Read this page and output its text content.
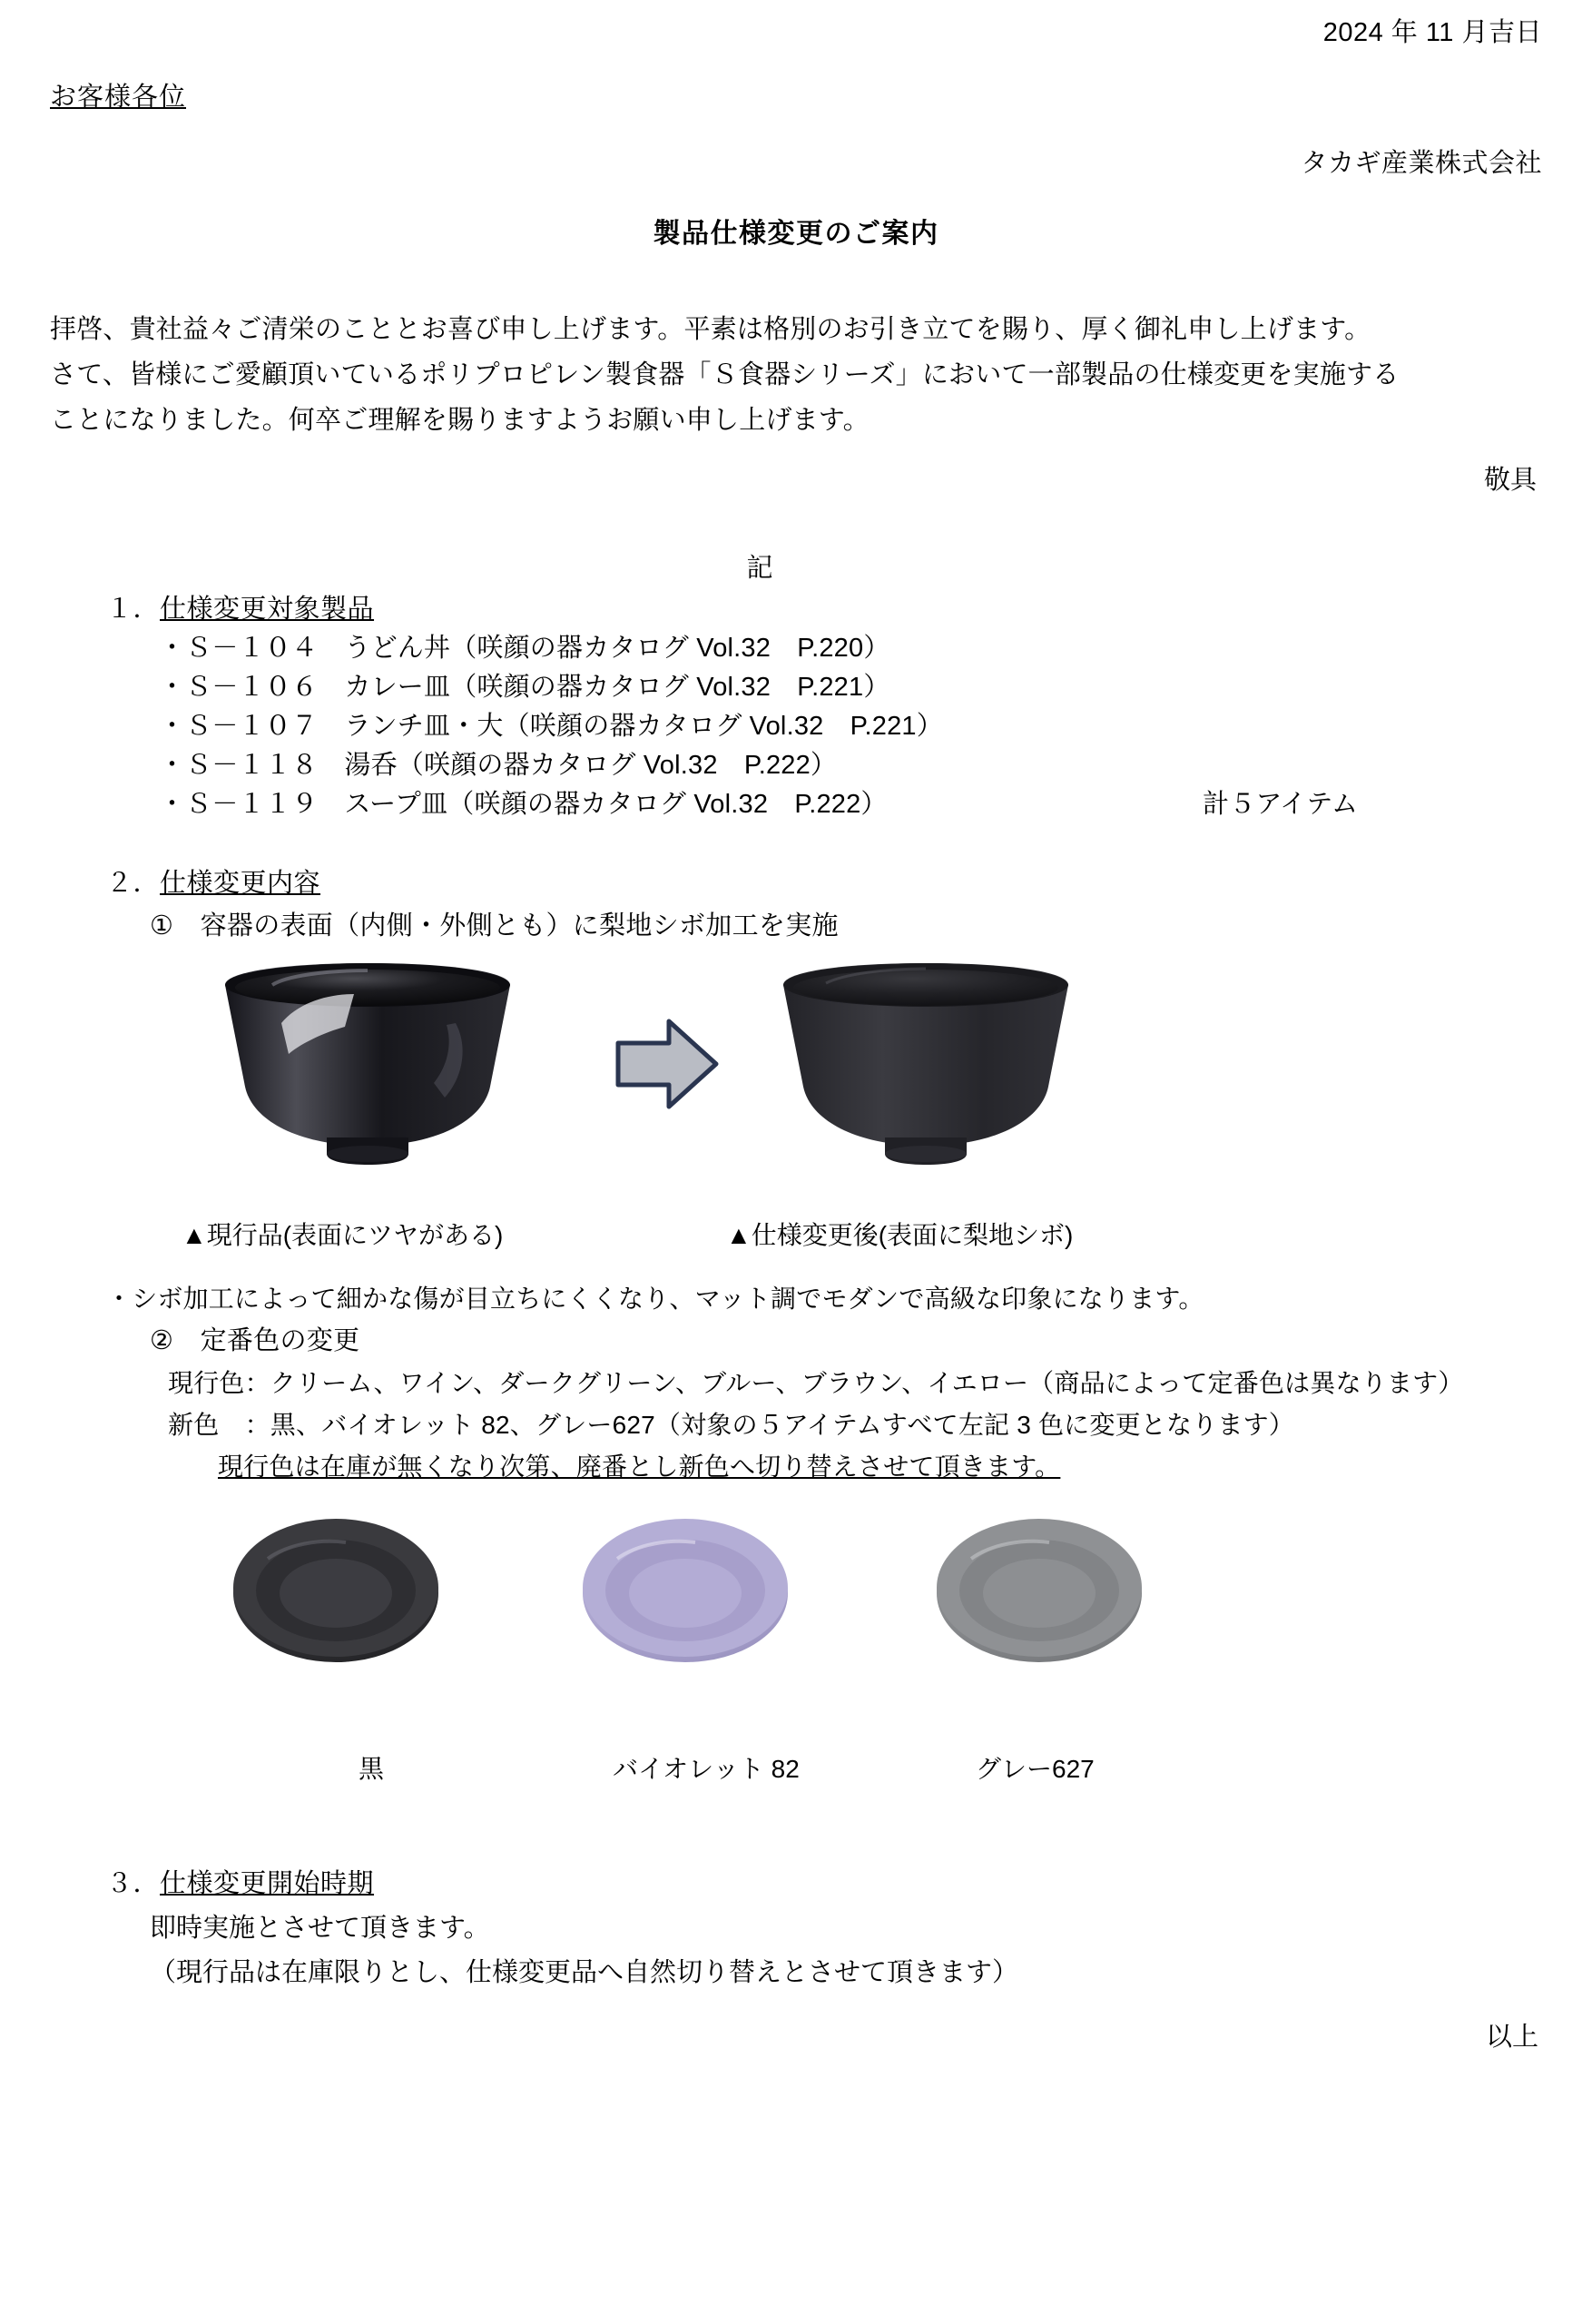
2024 年 11 月吉日
お客様各位
タカギ産業株式会社
製品仕様変更のご案内
拝啓、貴社益々ご清栄のこととお喜び申し上げます。平素は格別のお引き立てを賜り、厚く御礼申し上げます。
さて、皆様にご愛顧頂いているポリプロピレン製食器「Ｓ食器シリーズ」において一部製品の仕様変更を実施する
ことになりました。何卒ご理解を賜りますようお願い申し上げます。
敬具
記
１．仕様変更対象製品
・Ｓ－１０４　うどん丼（咲顔の器カタログ Vol.32　P.220）
・Ｓ－１０６　カレー皿（咲顔の器カタログ Vol.32　P.221）
・Ｓ－１０７　ランチ皿・大（咲顔の器カタログ Vol.32　P.221）
・Ｓ－１１８　湯呑（咲顔の器カタログ Vol.32　P.222）
・Ｓ－１１９　スープ皿（咲顔の器カタログ Vol.32　P.222）	計５アイテム
２．仕様変更内容
①　容器の表面（内側・外側とも）に梨地シボ加工を実施
▲現行品(表面にツヤがある)	▲仕様変更後(表面に梨地シボ)
・シボ加工によって細かな傷が目立ちにくくなり、マット調でモダンで高級な印象になります。
②　定番色の変更
現行色：クリーム、ワイン、ダークグリーン、ブルー、ブラウン、イエロー（商品によって定番色は異なります）
新色　：黒、バイオレット 82、グレー627（対象の５アイテムすべて左記 3 色に変更となります）
現行色は在庫が無くなり次第、廃番とし新色へ切り替えさせて頂きます。
黒	バイオレット 82	グレー627
３．仕様変更開始時期
即時実施とさせて頂きます。
（現行品は在庫限りとし、仕様変更品へ自然切り替えとさせて頂きます）
以上
